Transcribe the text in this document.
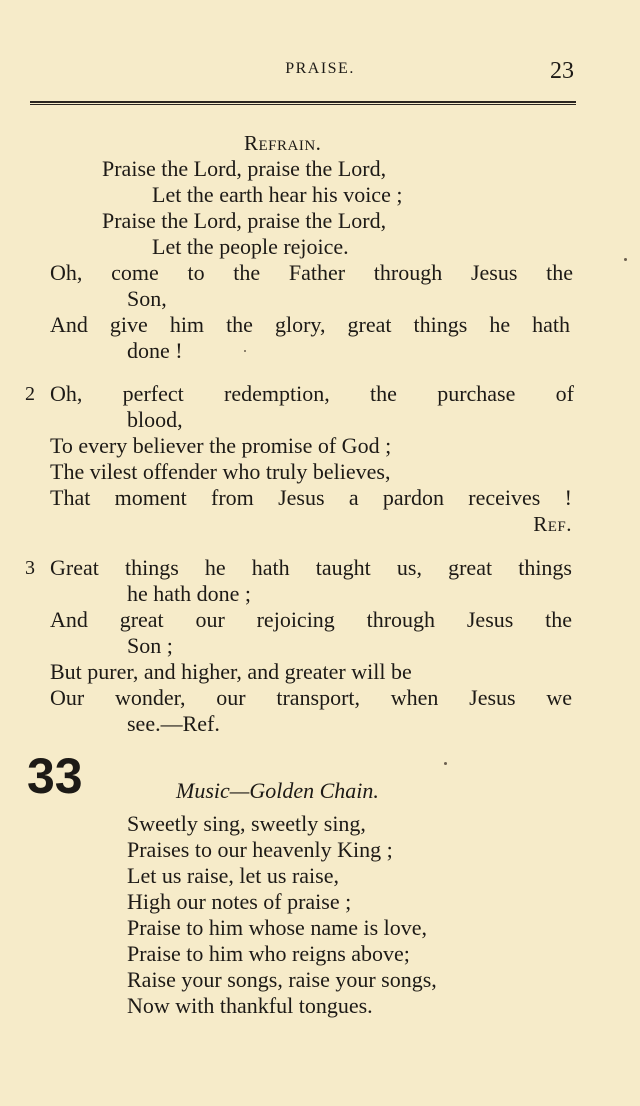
PRAISE.	23
Refrain.
Praise the Lord, praise the Lord,
Let the earth hear his voice ;
Praise the Lord, praise the Lord,
Let the people rejoice.
Oh, come to the Father through Jesus the
Son,
And give him the glory, great things he hath
done !
2 Oh, perfect redemption, the purchase of
blood,
To every believer the promise of God ;
The vilest offender who truly believes,
That moment from Jesus a pardon receives !
Ref.
3 Great things he hath taught us, great things
he hath done ;
And great our rejoicing through Jesus the
Son ;
But purer, and higher, and greater will be
Our wonder, our transport, when Jesus we
see.—Ref.
33	Music—Golden Chain.
Sweetly sing, sweetly sing,
Praises to our heavenly King ;
Let us raise, let us raise,
High our notes of praise ;
Praise to him whose name is love,
Praise to him who reigns above;
Raise your songs, raise your songs,
Now with thankful tongues.
